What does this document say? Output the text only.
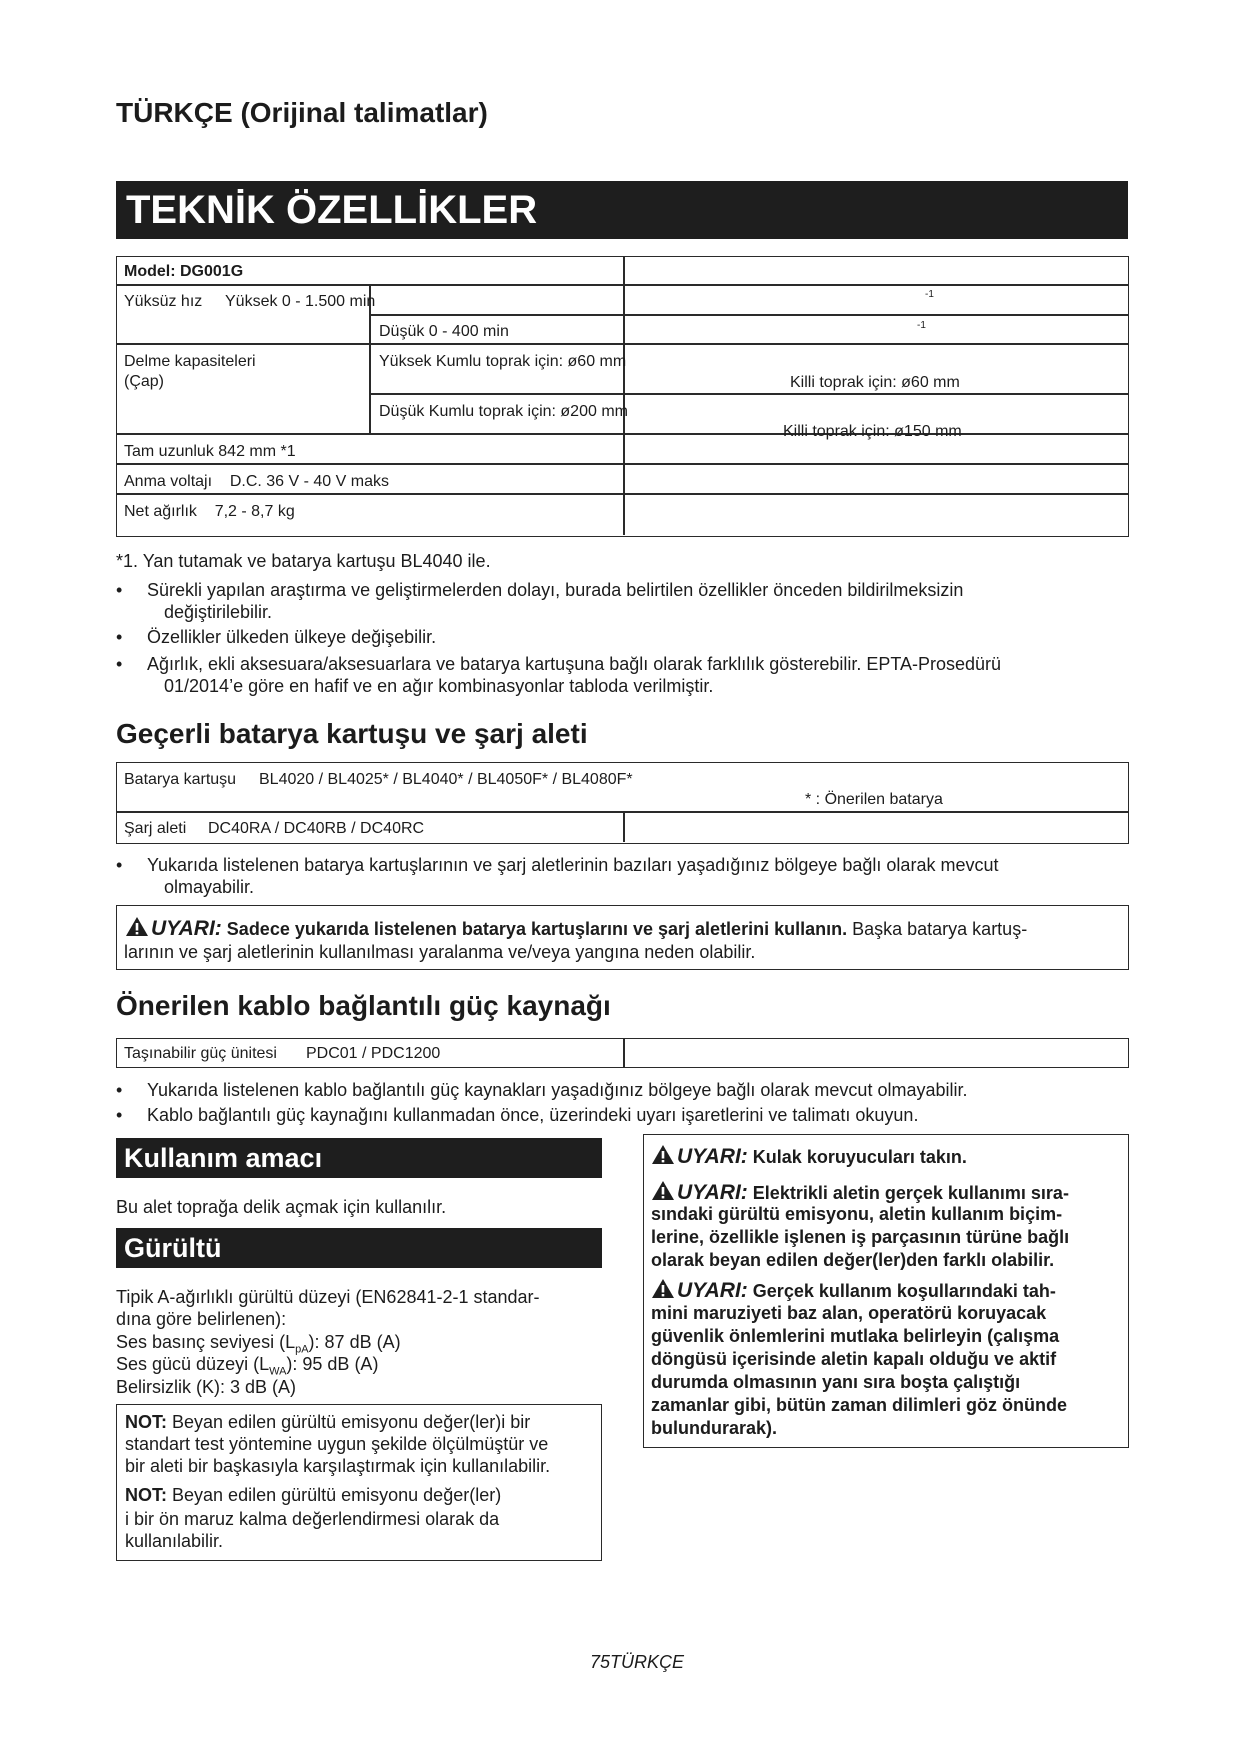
TÜRKÇE (Orijinal talimatlar)
TEKNİK ÖZELLİKLER
Model: DG001G
Yüksüz hız Yüksek 0 - 1.500 min	-1
Düşük 0 - 400 min	-1
Delme kapasiteleri
(Çap)
Yüksek Kumlu toprak için: ø60 mm
Killi toprak için: ø60 mm
Düşük Kumlu toprak için: ø200 mm
Killi toprak için: ø150 mm
Tam uzunluk 842 mm *1
Anma voltajı    D.C. 36 V - 40 V maks
Net ağırlık    7,2 - 8,7 kg
*1. Yan tutamak ve batarya kartuşu BL4040 ile.
• Sürekli yapılan araştırma ve geliştirmelerden dolayı, burada belirtilen özellikler önceden bildirilmeksizin
değiştirilebilir.
• Özellikler ülkeden ülkeye değişebilir.
• Ağırlık, ekli aksesuara/aksesuarlara ve batarya kartuşuna bağlı olarak farklılık gösterebilir. EPTA-Prosedürü
01/2014’e göre en hafif ve en ağır kombinasyonlar tabloda verilmiştir.
Geçerli batarya kartuşu ve şarj aleti
Batarya kartuşu BL4020 / BL4025* / BL4040* / BL4050F* / BL4080F*
* : Önerilen batarya
Şarj aleti DC40RA / DC40RB / DC40RC
• Yukarıda listelenen batarya kartuşlarının ve şarj aletlerinin bazıları yaşadığınız bölgeye bağlı olarak mevcut
olmayabilir.
UYARI: Sadece yukarıda listelenen batarya kartuşlarını ve şarj aletlerini kullanın. Başka batarya kartuş-
larının ve şarj aletlerinin kullanılması yaralanma ve/veya yangına neden olabilir.
Önerilen kablo bağlantılı güç kaynağı
Taşınabilir güç ünitesi PDC01 / PDC1200
• Yukarıda listelenen kablo bağlantılı güç kaynakları yaşadığınız bölgeye bağlı olarak mevcut olmayabilir.
• Kablo bağlantılı güç kaynağını kullanmadan önce, üzerindeki uyarı işaretlerini ve talimatı okuyun.
Kullanım amacı
Bu alet toprağa delik açmak için kullanılır.
Gürültü
Tipik A-ağırlıklı gürültü düzeyi (EN62841-2-1 standar-
dına göre belirlenen):
Ses basınç seviyesi $(L_{pA})$: 87 dB (A)
Ses gücü düzeyi $(L_{WA})$: 95 dB (A)
Belirsizlik (K): 3 dB (A)
NOT: Beyan edilen gürültü emisyonu değer(ler)i bir
standart test yöntemine uygun şekilde ölçülmüştür ve
bir aleti bir başkasıyla karşılaştırmak için kullanılabilir.
NOT: Beyan edilen gürültü emisyonu değer(ler)
i bir ön maruz kalma değerlendirmesi olarak da
kullanılabilir.
UYARI: Kulak koruyucuları takın.
UYARI: Elektrikli aletin gerçek kullanımı sıra-
sındaki gürültü emisyonu, aletin kullanım biçim-
lerine, özellikle işlenen iş parçasının türüne bağlı
olarak beyan edilen değer(ler)den farklı olabilir.
UYARI: Gerçek kullanım koşullarındaki tah-
mini maruziyeti baz alan, operatörü koruyacak
güvenlik önlemlerini mutlaka belirleyin (çalışma
döngüsü içerisinde aletin kapalı olduğu ve aktif
durumda olmasının yanı sıra boşta çalıştığı
zamanlar gibi, bütün zaman dilimleri göz önünde
bulundurarak).
75TÜRKÇE
